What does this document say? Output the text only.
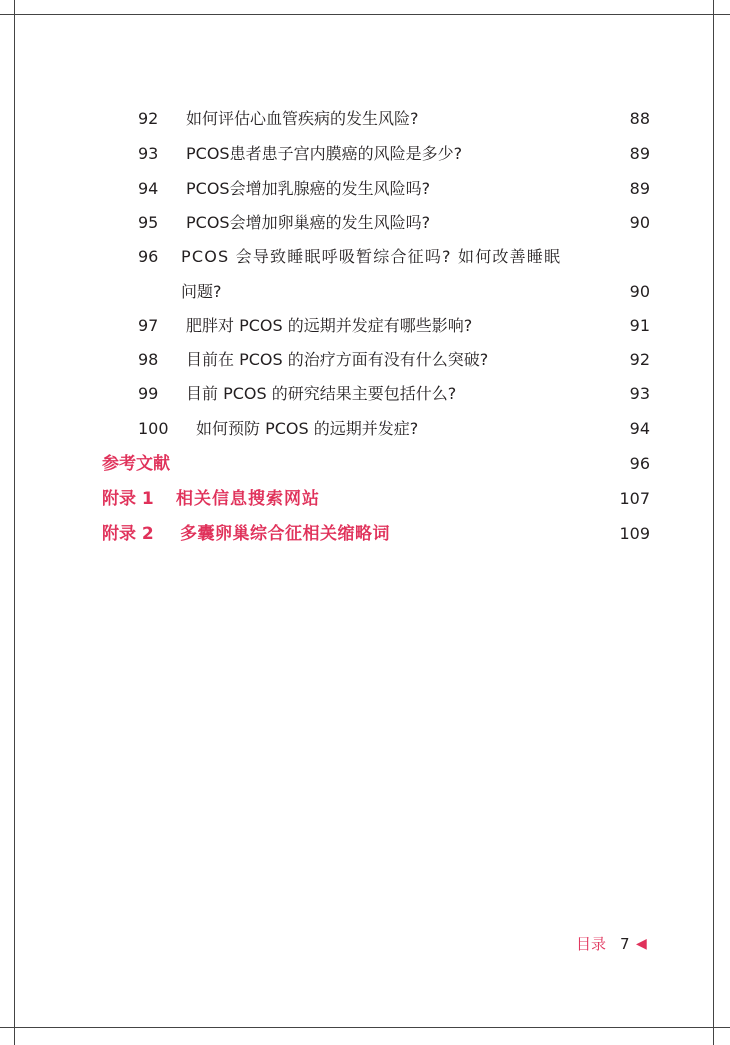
92 如何评估心血管疾病的发生风险?	88
93 PCOS患者患子宫内膜癌的风险是多少?	89
94 PCOS会增加乳腺癌的发生风险吗?	89
95 PCOS会增加卵巢癌的发生风险吗?	90
96 PCOS 会导致睡眠呼吸暂综合征吗? 如何改善睡眠
问题?	90
97 肥胖对 PCOS 的远期并发症有哪些影响?	91
98 目前在 PCOS 的治疗方面有没有什么突破?	92
99 目前 PCOS 的研究结果主要包括什么?	93
100 如何预防 PCOS 的远期并发症?	94
参考文献	96
附录 1 相关信息搜索网站	107
附录 2 多囊卵巢综合征相关缩略词	109
目录 7 ◀
